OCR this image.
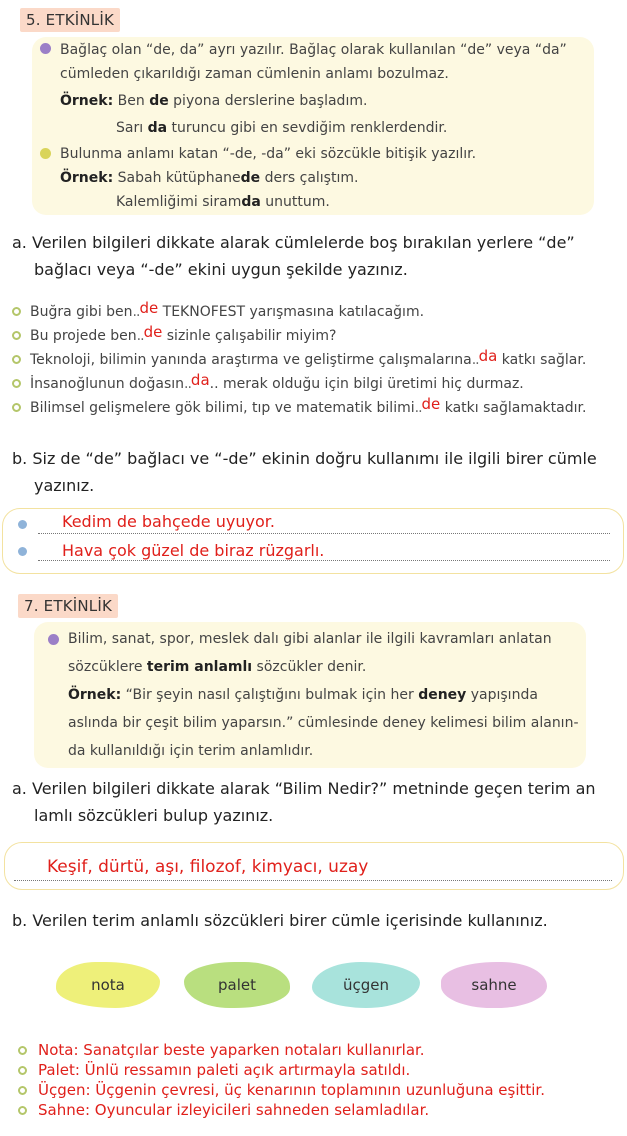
5. ETKİNLİK
Bağlaç olan “de, da” ayrı yazılır. Bağlaç olarak kullanılan “de” veya “da”
cümleden çıkarıldığı zaman cümlenin anlamı bozulmaz.
Örnek: Ben de piyona derslerine başladım.
Sarı da turuncu gibi en sevdiğim renklerdendir.
Bulunma anlamı katan “-de, -da” eki sözcükle bitişik yazılır.
Örnek: Sabah kütüphanede ders çalıştım.
Kalemliğimi siramda unuttum.
a. Verilen bilgileri dikkate alarak cümlelerde boş bırakılan yerlere “de”
bağlacı veya “-de” ekini uygun şekilde yazınız.
Buğra gibi ben..de TEKNOFEST yarışmasına katılacağım.
Bu projede ben..de sizinle çalışabilir miyim?
Teknoloji, bilimin yanında araştırma ve geliştirme çalışmalarına..da katkı sağlar.
İnsanoğlunun doğasın..da.. merak olduğu için bilgi üretimi hiç durmaz.
Bilimsel gelişmelere gök bilimi, tıp ve matematik bilimi..de katkı sağlamaktadır.
b. Siz de “de” bağlacı ve “-de” ekinin doğru kullanımı ile ilgili birer cümle
yazınız.
Kedim de bahçede uyuyor.
Hava çok güzel de biraz rüzgarlı.
7. ETKİNLİK
Bilim, sanat, spor, meslek dalı gibi alanlar ile ilgili kavramları anlatan
sözcüklere terim anlamlı sözcükler denir.
Örnek: “Bir şeyin nasıl çalıştığını bulmak için her deney yapışında
aslında bir çeşit bilim yaparsın.” cümlesinde deney kelimesi bilim alanın-
da kullanıldığı için terim anlamlıdır.
a. Verilen bilgileri dikkate alarak “Bilim Nedir?” metninde geçen terim an
lamlı sözcükleri bulup yazınız.
Keşif, dürtü, aşı, filozof, kimyacı, uzay
b. Verilen terim anlamlı sözcükleri birer cümle içerisinde kullanınız.
nota	palet	üçgen	sahne
Nota: Sanatçılar beste yaparken notaları kullanırlar.
Palet: Ünlü ressamın paleti açık artırmayla satıldı.
Üçgen: Üçgenin çevresi, üç kenarının toplamının uzunluğuna eşittir.
Sahne: Oyuncular izleyicileri sahneden selamladılar.
